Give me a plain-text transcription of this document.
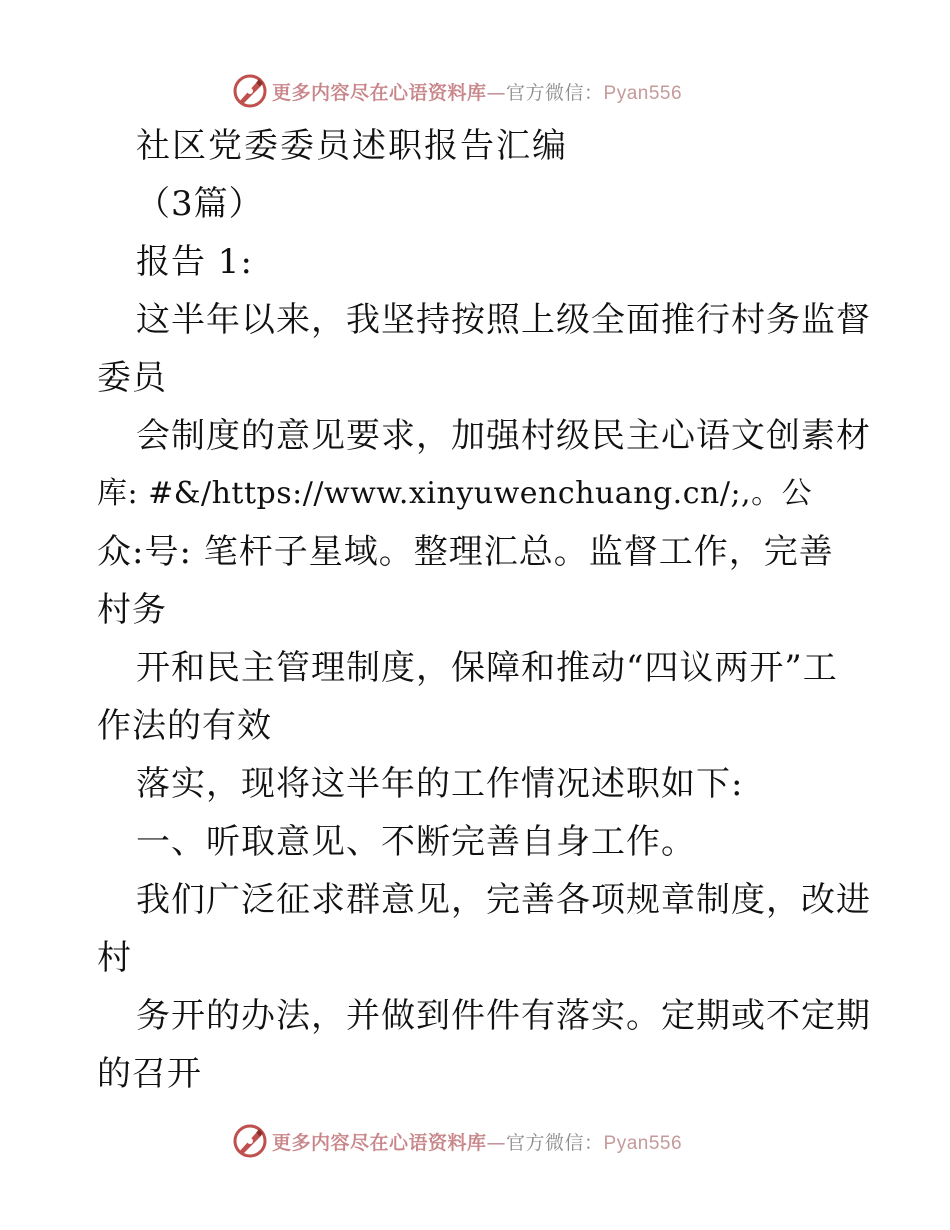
更多内容尽在心语资料库—官方微信：Pyan556
社区党委委员述职报告汇编
（3篇）
报告 1:
这半年以来，我坚持按照上级全面推行村务监督
委员
会制度的意见要求，加强村级民主心语文创素材
库: #&/https://www.xinyuwenchuang.cn/;,。公
众:号: 笔杆子星域。整理汇总。监督工作，完善
村务
开和民主管理制度，保障和推动“四议两开”工
作法的有效
落实，现将这半年的工作情况述职如下:
一、听取意见、不断完善自身工作。
我们广泛征求群意见，完善各项规章制度，改进
村
务开的办法，并做到件件有落实。定期或不定期
的召开
更多内容尽在心语资料库—官方微信：Pyan556
